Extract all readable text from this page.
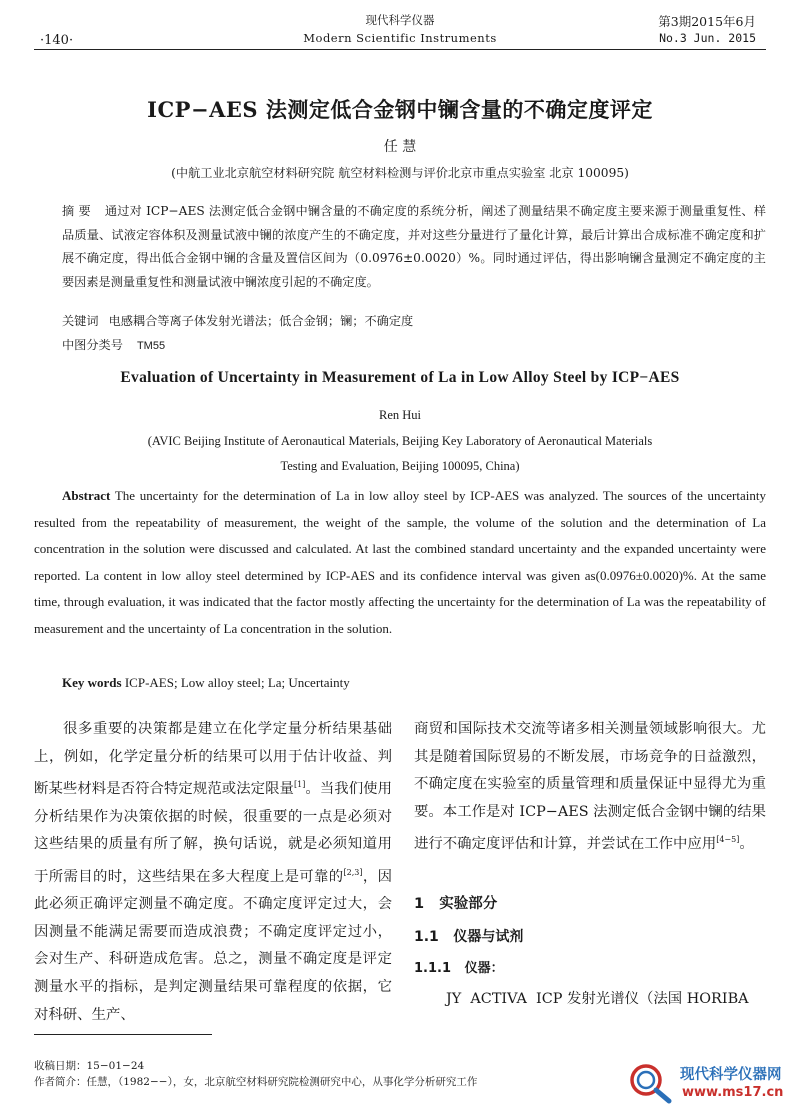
·140·
现代科学仪器
Modern Scientific Instruments
第3期2015年6月
No.3 Jun. 2015
ICP−AES 法测定低合金钢中镧含量的不确定度评定
任 慧
(中航工业北京航空材料研究院 航空材料检测与评价北京市重点实验室 北京 100095)
摘 要 通过对 ICP−AES 法测定低合金钢中镧含量的不确定度的系统分析，阐述了测量结果不确定度主要来源于测量重复性、样品质量、试液定容体积及测量试液中镧的浓度产生的不确定度，并对这些分量进行了量化计算，最后计算出合成标准不确定度和扩展不确定度，得出低合金钢中镧的含量及置信区间为（0.0976±0.0020）%。同时通过评估，得出影响镧含量测定不确定度的主要因素是测量重复性和测量试液中镧浓度引起的不确定度。
关键词 电感耦合等离子体发射光谱法；低合金钢；镧；不确定度
中图分类号 TM55
Evaluation of Uncertainty in Measurement of La in Low Alloy Steel by ICP−AES
Ren Hui
(AVIC Beijing Institute of Aeronautical Materials, Beijing Key Laboratory of Aeronautical Materials
Testing and Evaluation, Beijing 100095, China)
Abstract The uncertainty for the determination of La in low alloy steel by ICP-AES was analyzed. The sources of the uncertainty resulted from the repeatability of measurement, the weight of the sample, the volume of the solution and the determination of La concentration in the solution were discussed and calculated. At last the combined standard uncertainty and the expanded uncertainty were reported. La content in low alloy steel determined by ICP-AES and its confidence interval was given as(0.0976±0.0020)%. At the same time, through evaluation, it was indicated that the factor mostly affecting the uncertainty for the determination of La was the repeatability of measurement and the uncertainty of La concentration in the solution.
Key words ICP-AES; Low alloy steel; La; Uncertainty
很多重要的决策都是建立在化学定量分析结果基础上，例如，化学定量分析的结果可以用于估计收益、判断某些材料是否符合特定规范或法定限量[1]。当我们使用分析结果作为决策依据的时候，很重要的一点是必须对这些结果的质量有所了解，换句话说，就是必须知道用于所需目的时，这些结果在多大程度上是可靠的[2,3]，因此必须正确评定测量不确定度。不确定度评定过大，会因测量不能满足需要而造成浪费；不确定度评定过小，会对生产、科研造成危害。总之，测量不确定度是评定测量水平的指标，是判定测量结果可靠程度的依据，它对科研、生产、
商贸和国际技术交流等诸多相关测量领域影响很大。尤其是随着国际贸易的不断发展，市场竞争的日益激烈，不确定度在实验室的质量管理和质量保证中显得尤为重要。本工作是对 ICP−AES 法测定低合金钢中镧的结果进行不确定度评估和计算，并尝试在工作中应用[4−5]。
1   实验部分
1.1   仪器与试剂
1.1.1   仪器：
JY  ACTIVA  ICP 发射光谱仪（法国 HORIBA
收稿日期：15−01−24
作者简介：任慧，（1982−−），女，北京航空材料研究院检测研究中心，从事化学分析研究工作	现代科学仪器网
www.ms17.cn
